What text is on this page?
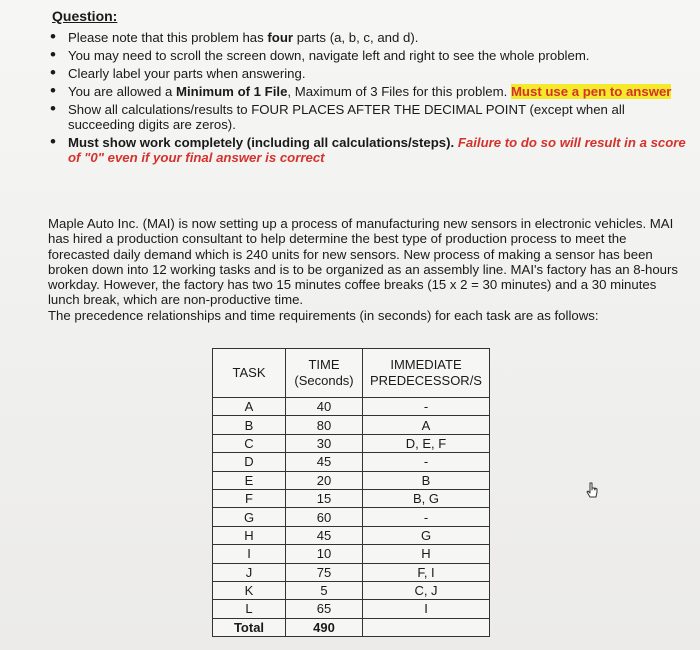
Question:
• Please note that this problem has four parts (a, b, c, and d).
• You may need to scroll the screen down, navigate left and right to see the whole problem.
• Clearly label your parts when answering.
• You are allowed a Minimum of 1 File, Maximum of 3 Files for this problem. Must use a pen to answer
• Show all calculations/results to FOUR PLACES AFTER THE DECIMAL POINT (except when all succeeding digits are zeros).
• Must show work completely (including all calculations/steps). Failure to do so will result in a score of "0" even if your final answer is correct

Maple Auto Inc. (MAI) is now setting up a process of manufacturing new sensors in electronic vehicles. MAI has hired a production consultant to help determine the best type of production process to meet the forecasted daily demand which is 240 units for new sensors. New process of making a sensor has been broken down into 12 working tasks and is to be organized as an assembly line. MAI's factory has an 8-hours workday. However, the factory has two 15 minutes coffee breaks (15 x 2 = 30 minutes) and a 30 minutes lunch break, which are non-productive time.
The precedence relationships and time requirements (in seconds) for each task are as follows:

TASK	TIME (Seconds)	IMMEDIATE PREDECESSOR/S
A	40	-
B	80	A
C	30	D, E, F
D	45	-
E	20	B
F	15	B, G
G	60	-
H	45	G
I	10	H
J	75	F, I
K	5	C, J
L	65	I
Total	490	
